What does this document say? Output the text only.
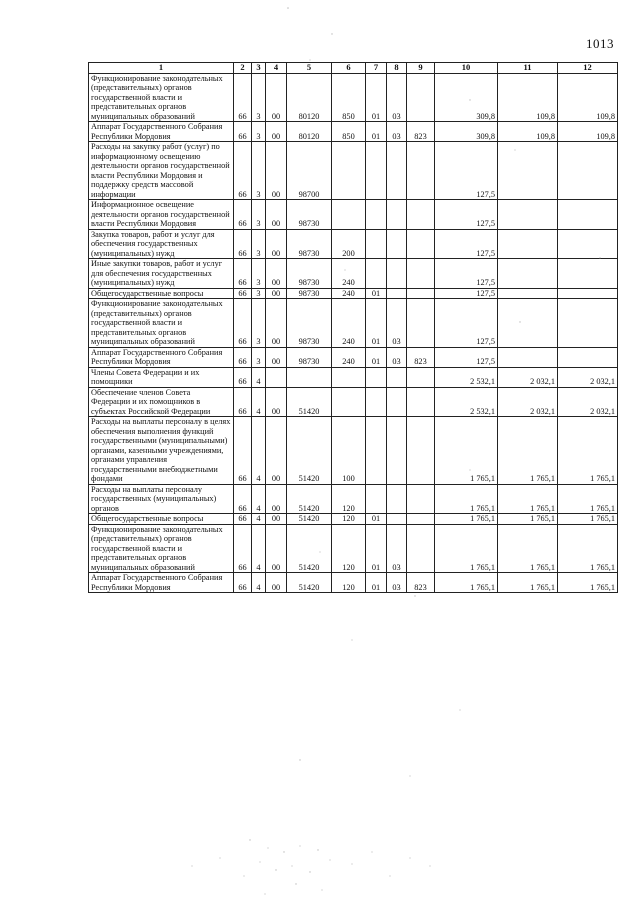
1013
1	2	3	4	5	6	7	8	9	10	11	12
Функционирование законодательных (представительных) органов государственной власти и представительных органов муниципальных образований	66	3	00	80120	850	01	03		309,8	109,8	109,8
Аппарат Государственного Собрания Республики Мордовия	66	3	00	80120	850	01	03	823	309,8	109,8	109,8
Расходы на закупку работ (услуг) по информационному освещению деятельности органов государственной власти Республики Мордовия и поддержку средств массовой информации	66	3	00	98700					127,5		
Информационное освещение деятельности органов государственной власти Республики Мордовия	66	3	00	98730					127,5		
Закупка товаров, работ и услуг для обеспечения государственных (муниципальных) нужд	66	3	00	98730	200				127,5		
Иные закупки товаров, работ и услуг для обеспечения государственных (муниципальных) нужд	66	3	00	98730	240				127,5		
Общегосударственные вопросы	66	3	00	98730	240	01			127,5		
Функционирование законодательных (представительных) органов государственной власти и представительных органов муниципальных образований	66	3	00	98730	240	01	03		127,5		
Аппарат Государственного Собрания Республики Мордовия	66	3	00	98730	240	01	03	823	127,5		
Члены Совета Федерации и их помощники	66	4							2 532,1	2 032,1	2 032,1
Обеспечение членов Совета Федерации и их помощников в субъектах Российской Федерации	66	4	00	51420					2 532,1	2 032,1	2 032,1
Расходы на выплаты персоналу в целях обеспечения выполнения функций государственными (муниципальными) органами, казенными учреждениями, органами управления государственными внебюджетными фондами	66	4	00	51420	100				1 765,1	1 765,1	1 765,1
Расходы на выплаты персоналу государственных (муниципальных) органов	66	4	00	51420	120				1 765,1	1 765,1	1 765,1
Общегосударственные вопросы	66	4	00	51420	120	01			1 765,1	1 765,1	1 765,1
Функционирование законодательных (представительных) органов государственной власти и представительных органов муниципальных образований	66	4	00	51420	120	01	03		1 765,1	1 765,1	1 765,1
Аппарат Государственного Собрания Республики Мордовия	66	4	00	51420	120	01	03	823	1 765,1	1 765,1	1 765,1
